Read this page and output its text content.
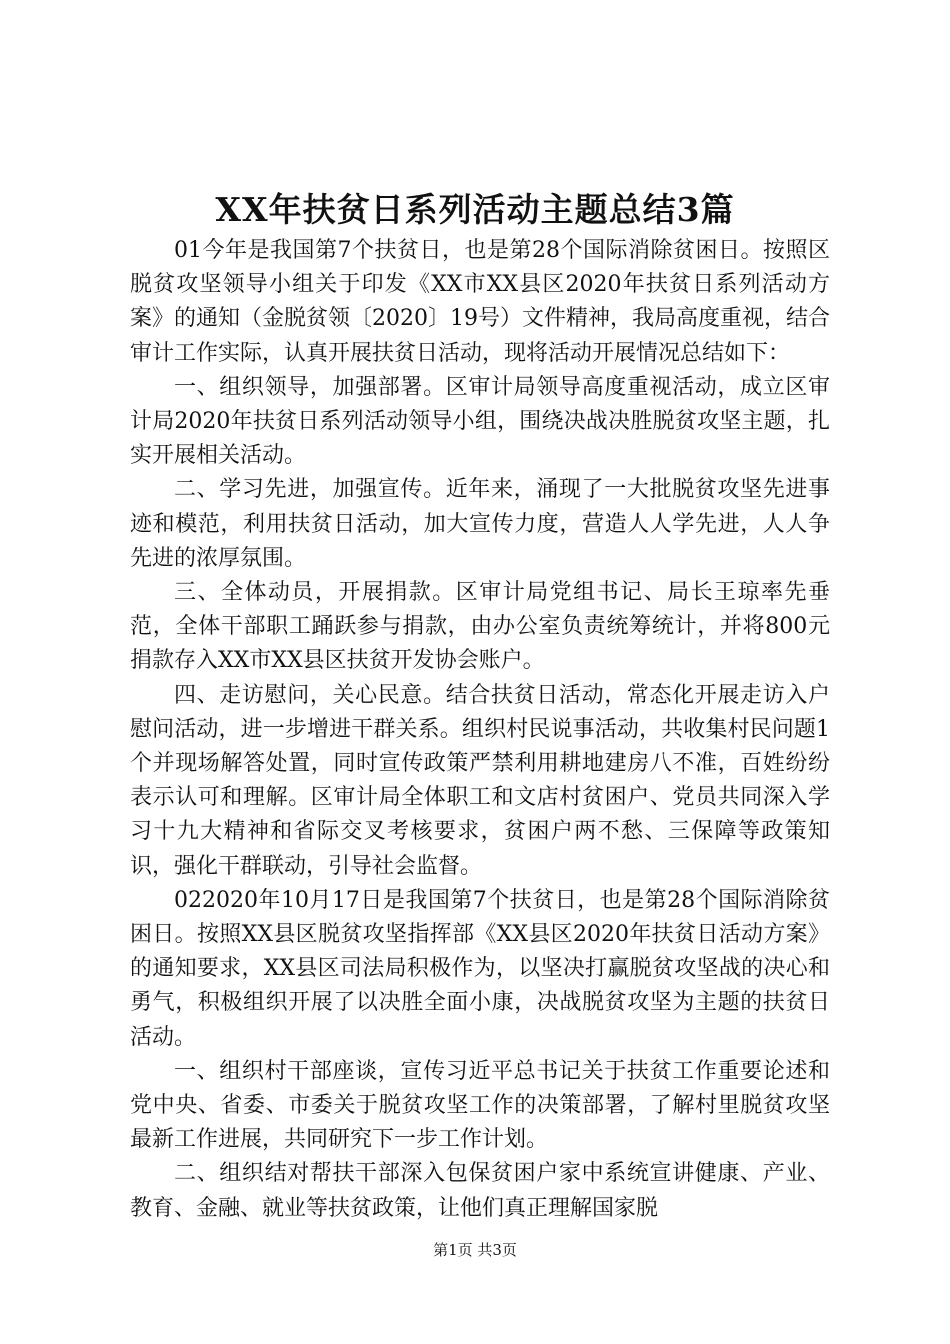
XX年扶贫日系列活动主题总结3篇

01今年是我国第7个扶贫日，也是第28个国际消除贫困日。按照区脱贫攻坚领导小组关于印发《XX市XX县区2020年扶贫日系列活动方案》的通知（金脱贫领〔2020〕19号）文件精神，我局高度重视，结合审计工作实际，认真开展扶贫日活动，现将活动开展情况总结如下：

一、组织领导，加强部署。区审计局领导高度重视活动，成立区审计局2020年扶贫日系列活动领导小组，围绕决战决胜脱贫攻坚主题，扎实开展相关活动。

二、学习先进，加强宣传。近年来，涌现了一大批脱贫攻坚先进事迹和模范，利用扶贫日活动，加大宣传力度，营造人人学先进，人人争先进的浓厚氛围。

三、全体动员，开展捐款。区审计局党组书记、局长王琼率先垂范，全体干部职工踊跃参与捐款，由办公室负责统筹统计，并将800元捐款存入XX市XX县区扶贫开发协会账户。

四、走访慰问，关心民意。结合扶贫日活动，常态化开展走访入户慰问活动，进一步增进干群关系。组织村民说事活动，共收集村民问题1个并现场解答处置，同时宣传政策严禁利用耕地建房八不准，百姓纷纷表示认可和理解。区审计局全体职工和文店村贫困户、党员共同深入学习十九大精神和省际交叉考核要求，贫困户两不愁、三保障等政策知识，强化干群联动，引导社会监督。

022020年10月17日是我国第7个扶贫日，也是第28个国际消除贫困日。按照XX县区脱贫攻坚指挥部《XX县区2020年扶贫日活动方案》的通知要求，XX县区司法局积极作为，以坚决打赢脱贫攻坚战的决心和勇气，积极组织开展了以决胜全面小康，决战脱贫攻坚为主题的扶贫日活动。

一、组织村干部座谈，宣传习近平总书记关于扶贫工作重要论述和党中央、省委、市委关于脱贫攻坚工作的决策部署，了解村里脱贫攻坚最新工作进展，共同研究下一步工作计划。

二、组织结对帮扶干部深入包保贫困户家中系统宣讲健康、产业、教育、金融、就业等扶贫政策，让他们真正理解国家脱

第1页 共3页
